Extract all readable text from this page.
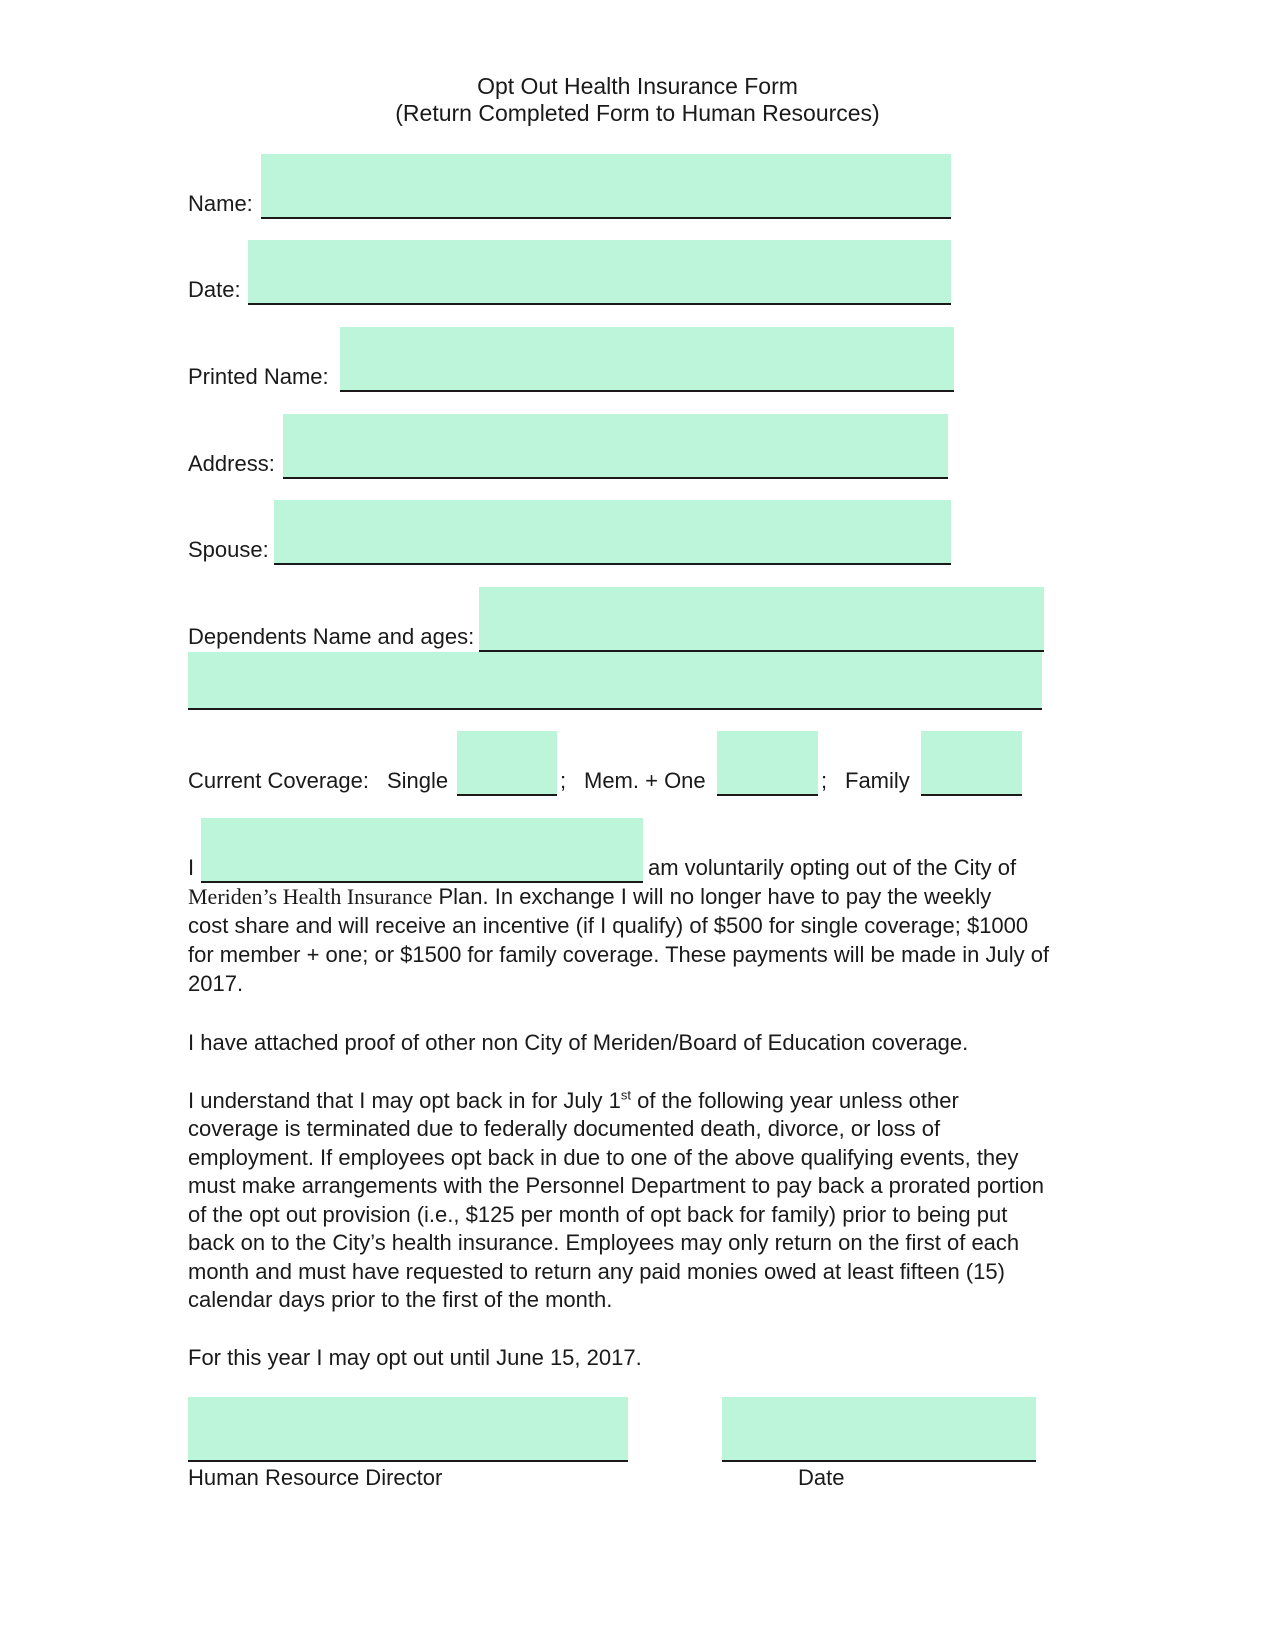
Opt Out Health Insurance Form
(Return Completed Form to Human Resources)
Name:
Date:
Printed Name:
Address:
Spouse:
Dependents Name and ages:
Current Coverage: Single	; Mem. + One	; Family
I	am voluntarily opting out of the City of
Meriden’s Health Insurance Plan. In exchange I will no longer have to pay the weekly
cost share and will receive an incentive (if I qualify) of $500 for single coverage; $1000
for member + one; or $1500 for family coverage. These payments will be made in July of
2017.
I have attached proof of other non City of Meriden/Board of Education coverage.
I understand that I may opt back in for July 1st of the following year unless other
coverage is terminated due to federally documented death, divorce, or loss of
employment. If employees opt back in due to one of the above qualifying events, they
must make arrangements with the Personnel Department to pay back a prorated portion
of the opt out provision (i.e., $125 per month of opt back for family) prior to being put
back on to the City’s health insurance. Employees may only return on the first of each
month and must have requested to return any paid monies owed at least fifteen (15)
calendar days prior to the first of the month.
For this year I may opt out until June 15, 2017.
Human Resource Director	Date
